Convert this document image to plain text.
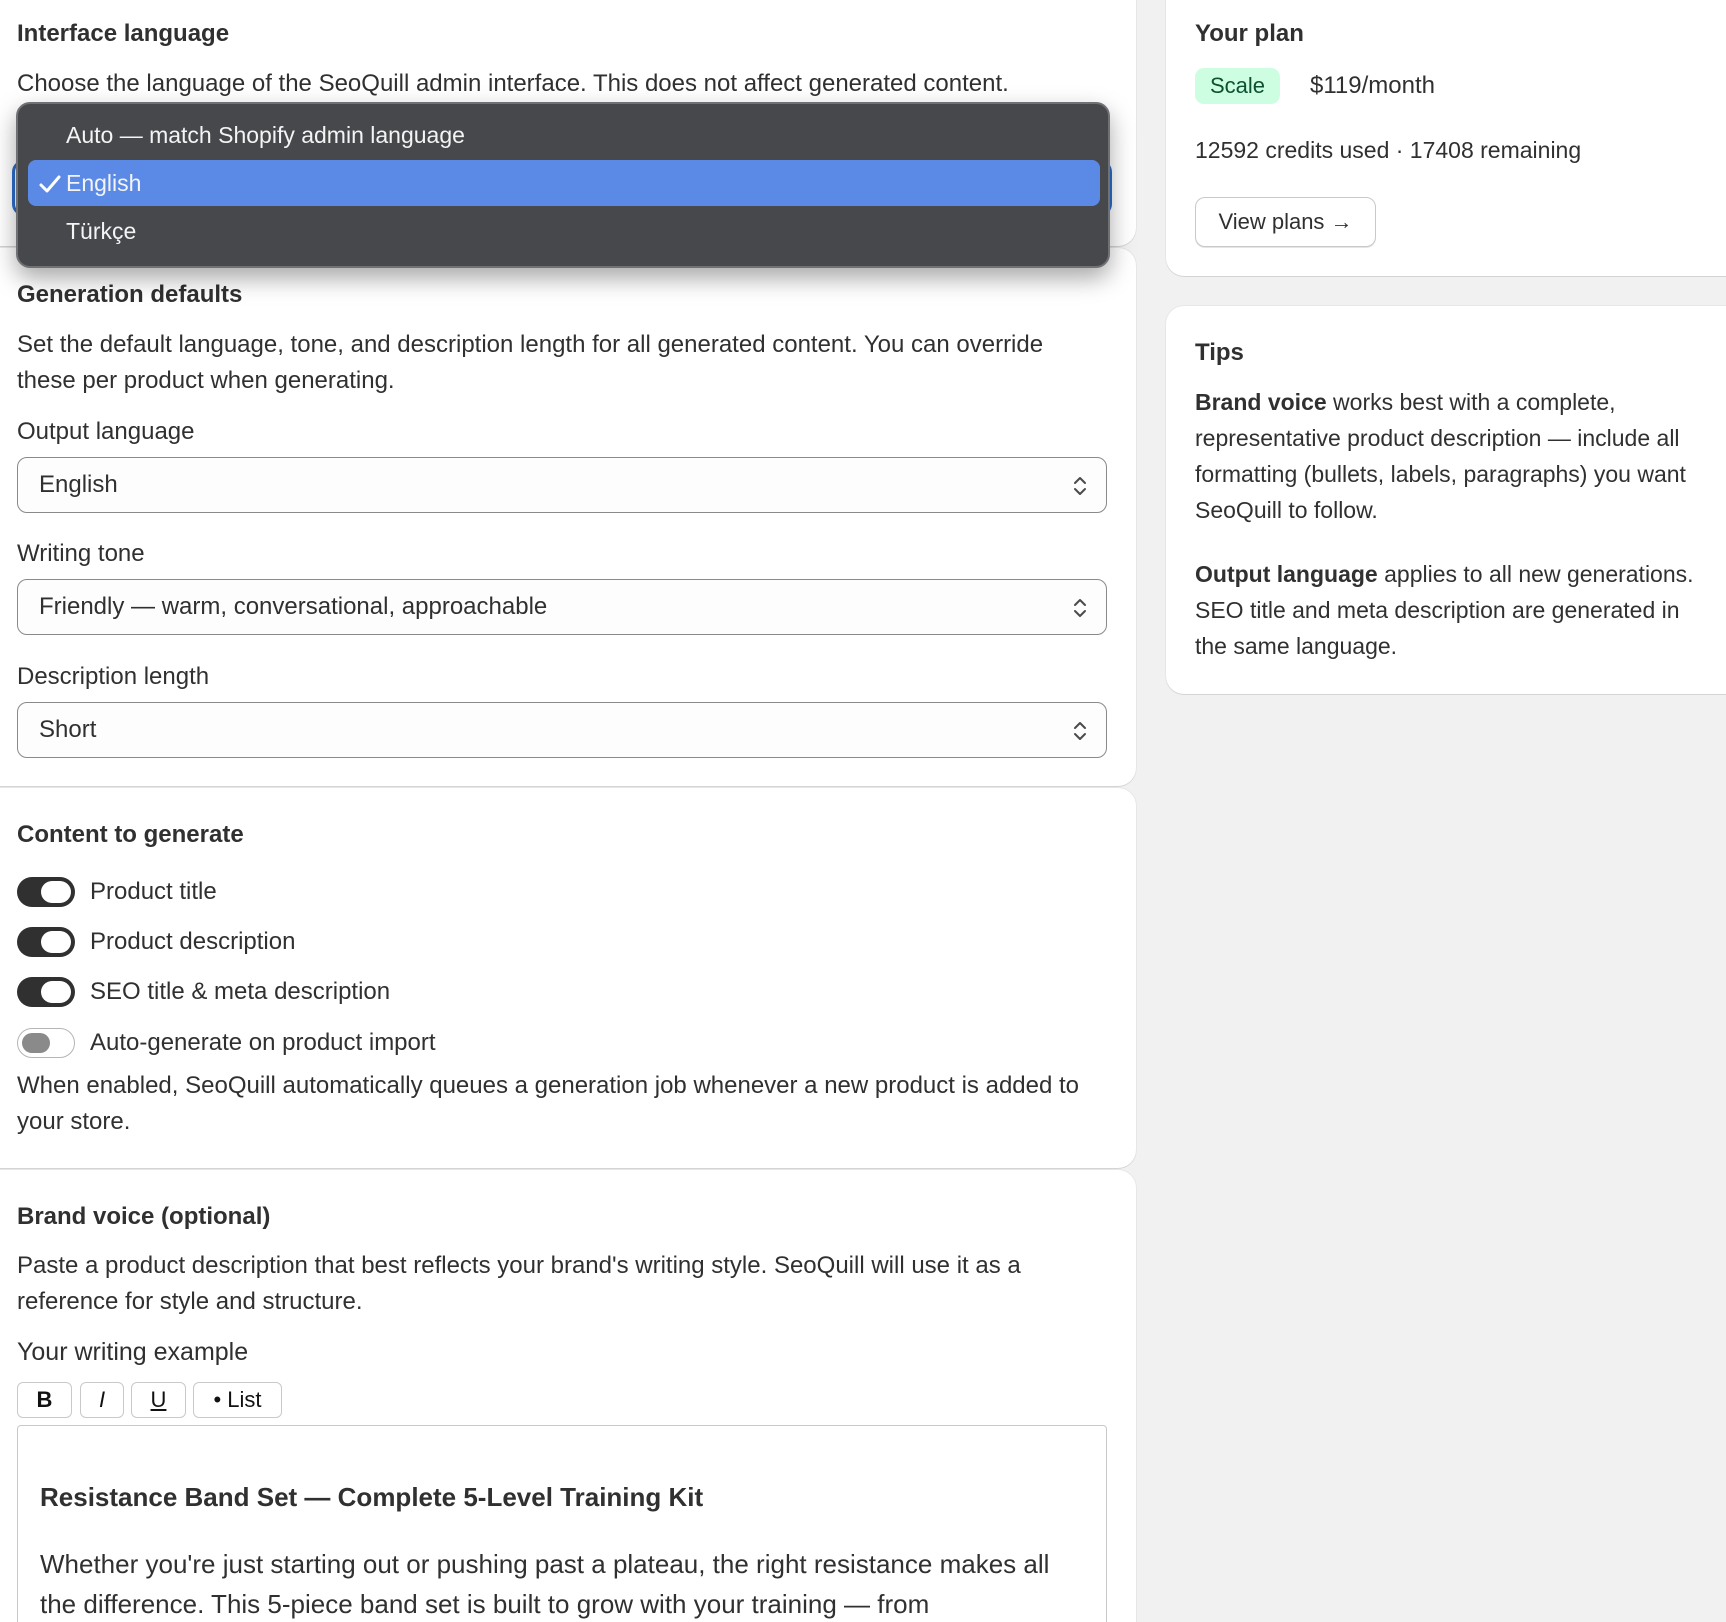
Interface language
Choose the language of the SeoQuill admin interface. This does not affect generated content.
Generation defaults
Set the default language, tone, and description length for all generated content. You can override these per product when generating.
Output language
English
Writing tone
Friendly — warm, conversational, approachable
Description length
Short
Content to generate
Product title
Product description
SEO title & meta description
Auto-generate on product import
When enabled, SeoQuill automatically queues a generation job whenever a new product is added to your store.
Brand voice (optional)
Paste a product description that best reflects your brand's writing style. SeoQuill will use it as a reference for style and structure.
Your writing example
B	I	U	• List
Resistance Band Set — Complete 5-Level Training Kit

Whether you're just starting out or pushing past a plateau, the right resistance makes all the difference. This 5-piece band set is built to grow with your training — from

Your plan
Scale	$119/month
12592 credits used · 17408 remaining
View plans →
Tips

Brand voice works best with a complete, representative product description — include all formatting (bullets, labels, paragraphs) you want SeoQuill to follow.

Output language applies to all new generations. SEO title and meta description are generated in the same language.

Auto — match Shopify admin language
English
Türkçe
